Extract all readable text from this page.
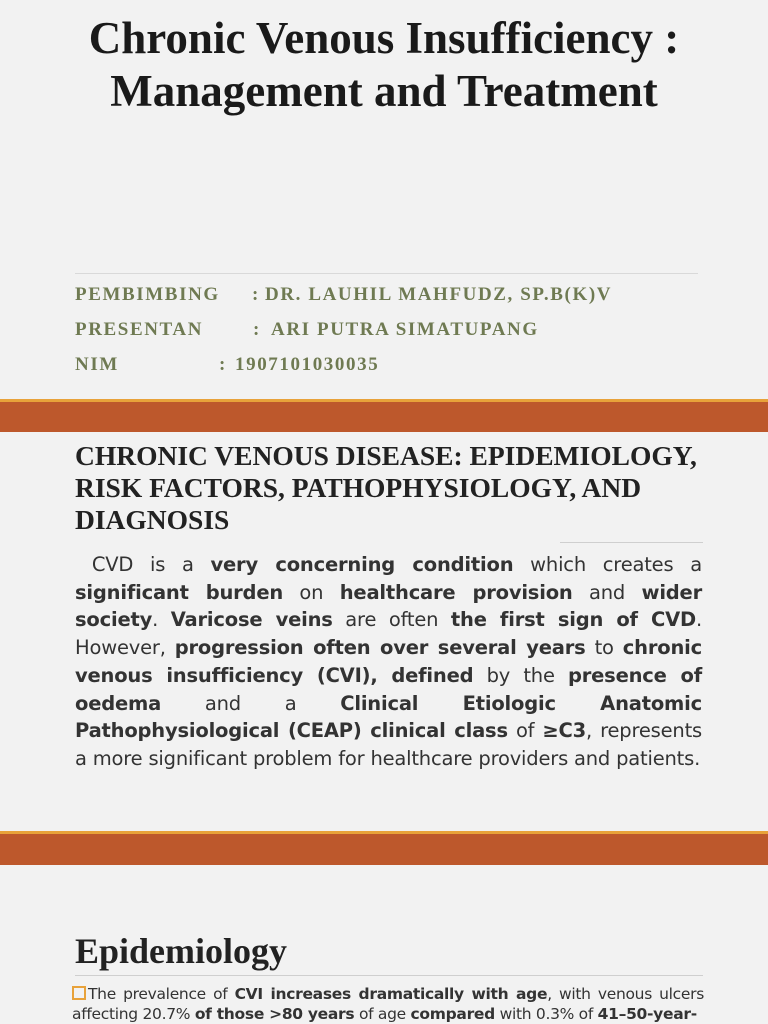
Chronic Venous Insufficiency : Management and Treatment
PEMBIMBING : DR. LAUHIL MAHFUDZ, SP.B(K)V
PRESENTAN	: ARI PUTRA SIMATUPANG
NIM	: 1907101030035
CHRONIC VENOUS DISEASE: EPIDEMIOLOGY, RISK FACTORS, PATHOPHYSIOLOGY, AND DIAGNOSIS

CVD is a very concerning condition which creates a significant burden on healthcare provision and wider society. Varicose veins are often the first sign of CVD. However, progression often over several years to chronic venous insufficiency (CVI), defined by the presence of oedema and a Clinical Etiologic Anatomic Pathophysiological (CEAP) clinical class of ≥C3, represents a more significant problem for healthcare providers and patients.

Epidemiology

The prevalence of CVI increases dramatically with age, with venous ulcers affecting 20.7% of those >80 years of age compared with 0.3% of 41–50-year-
